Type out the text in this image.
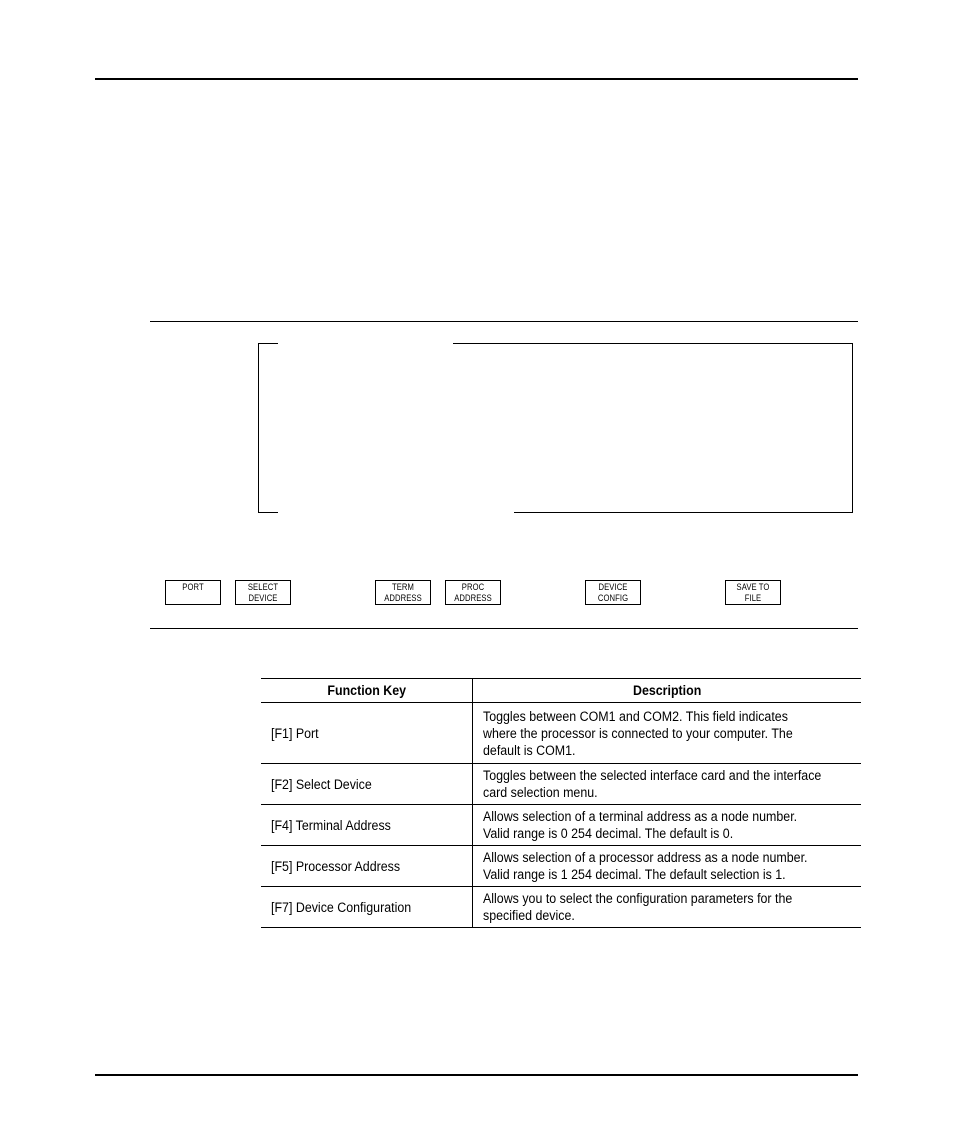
PORT	SELECT
DEVICE
TERM
ADDRESS
PROC
ADDRESS
DEVICE
CONFIG
SAVE TO
FILE
Function Key	Description
[F1] Port	Toggles between COM1 and COM2. This field indicates
where the processor is connected to your computer. The
default is COM1.
[F2] Select Device	Toggles between the selected interface card and the interface
card selection menu.
[F4] Terminal Address	Allows selection of a terminal address as a node number.
Valid range is 0 254 decimal. The default is 0.
[F5] Processor Address	Allows selection of a processor address as a node number.
Valid range is 1 254 decimal. The default selection is 1.
[F7] Device Configuration	Allows you to select the configuration parameters for the
specified device.
